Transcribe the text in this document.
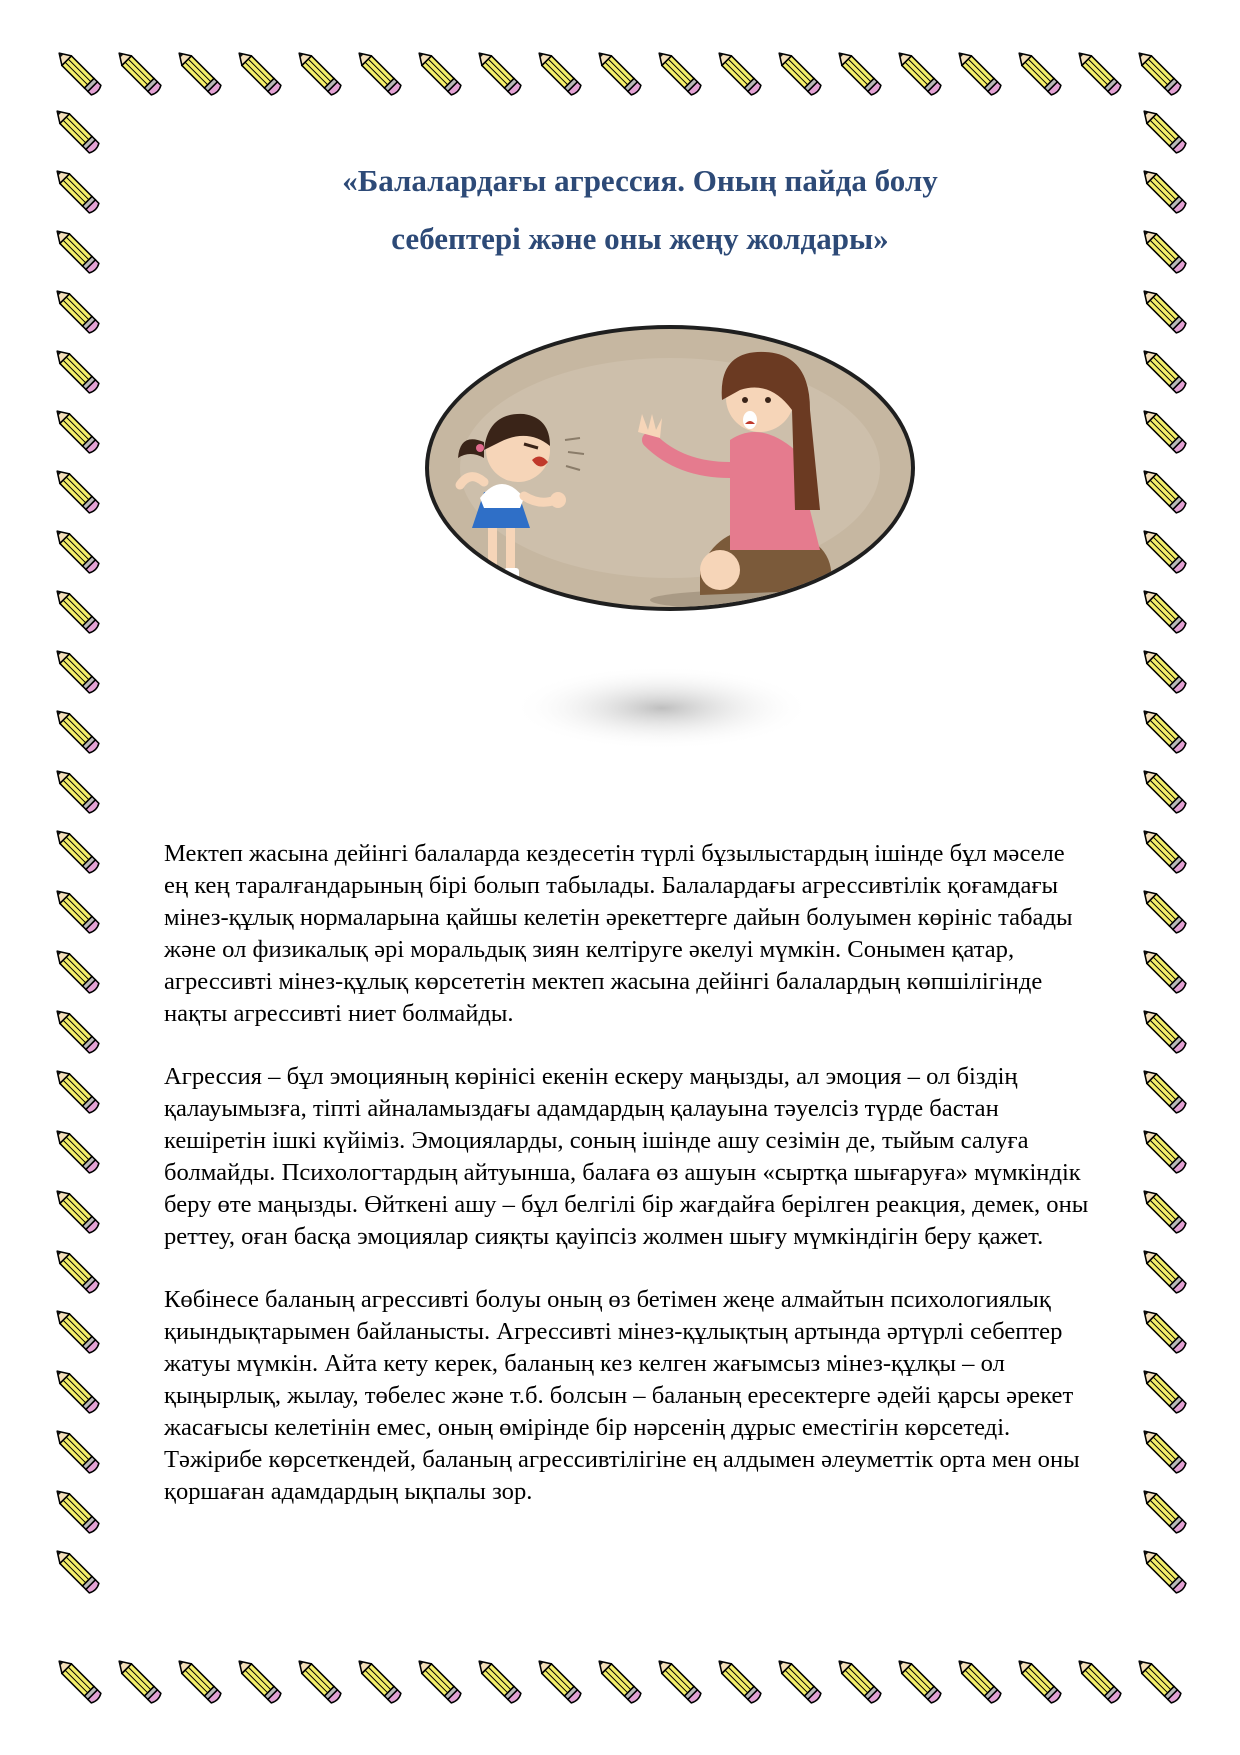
«Балалардағы агрессия. Оның пайда болу
себептері және оны жеңу жолдары»

Мектеп жасына дейінгі балаларда кездесетін түрлі бұзылыстардың ішінде бұл мәселе ең кең таралғандарының бірі болып табылады. Балалардағы агрессивтілік қоғамдағы мінез-құлық нормаларына қайшы келетін әрекеттерге дайын болуымен көрініс табады және ол физикалық әрі моральдық зиян келтіруге әкелуі мүмкін. Сонымен қатар, агрессивті мінез-құлық көрсететін мектеп жасына дейінгі балалардың көпшілігінде нақты агрессивті ниет болмайды.

Агрессия – бұл эмоцияның көрінісі екенін ескеру маңызды, ал эмоция – ол біздің қалауымызға, тіпті айналамыздағы адамдардың қалауына тәуелсіз түрде бастан кешіретін ішкі күйіміз. Эмоцияларды, соның ішінде ашу сезімін де, тыйым салуға болмайды. Психологтардың айтуынша, балаға өз ашуын «сыртқа шығаруға» мүмкіндік беру өте маңызды. Өйткені ашу – бұл белгілі бір жағдайға берілген реакция, демек, оны реттеу, оған басқа эмоциялар сияқты қауіпсіз жолмен шығу мүмкіндігін беру қажет.

Көбінесе баланың агрессивті болуы оның өз бетімен жеңе алмайтын психологиялық қиындықтарымен байланысты. Агрессивті мінез-құлықтың артында әртүрлі себептер жатуы мүмкін. Айта кету керек, баланың кез келген жағымсыз мінез-құлқы – ол қыңырлық, жылау, төбелес және т.б. болсын – баланың ересектерге әдейі қарсы әрекет жасағысы келетінін емес, оның өмірінде бір нәрсенің дұрыс еместігін көрсетеді. Тәжірибе көрсеткендей, баланың агрессивтілігіне ең алдымен әлеуметтік орта мен оны қоршаған адамдардың ықпалы зор.
